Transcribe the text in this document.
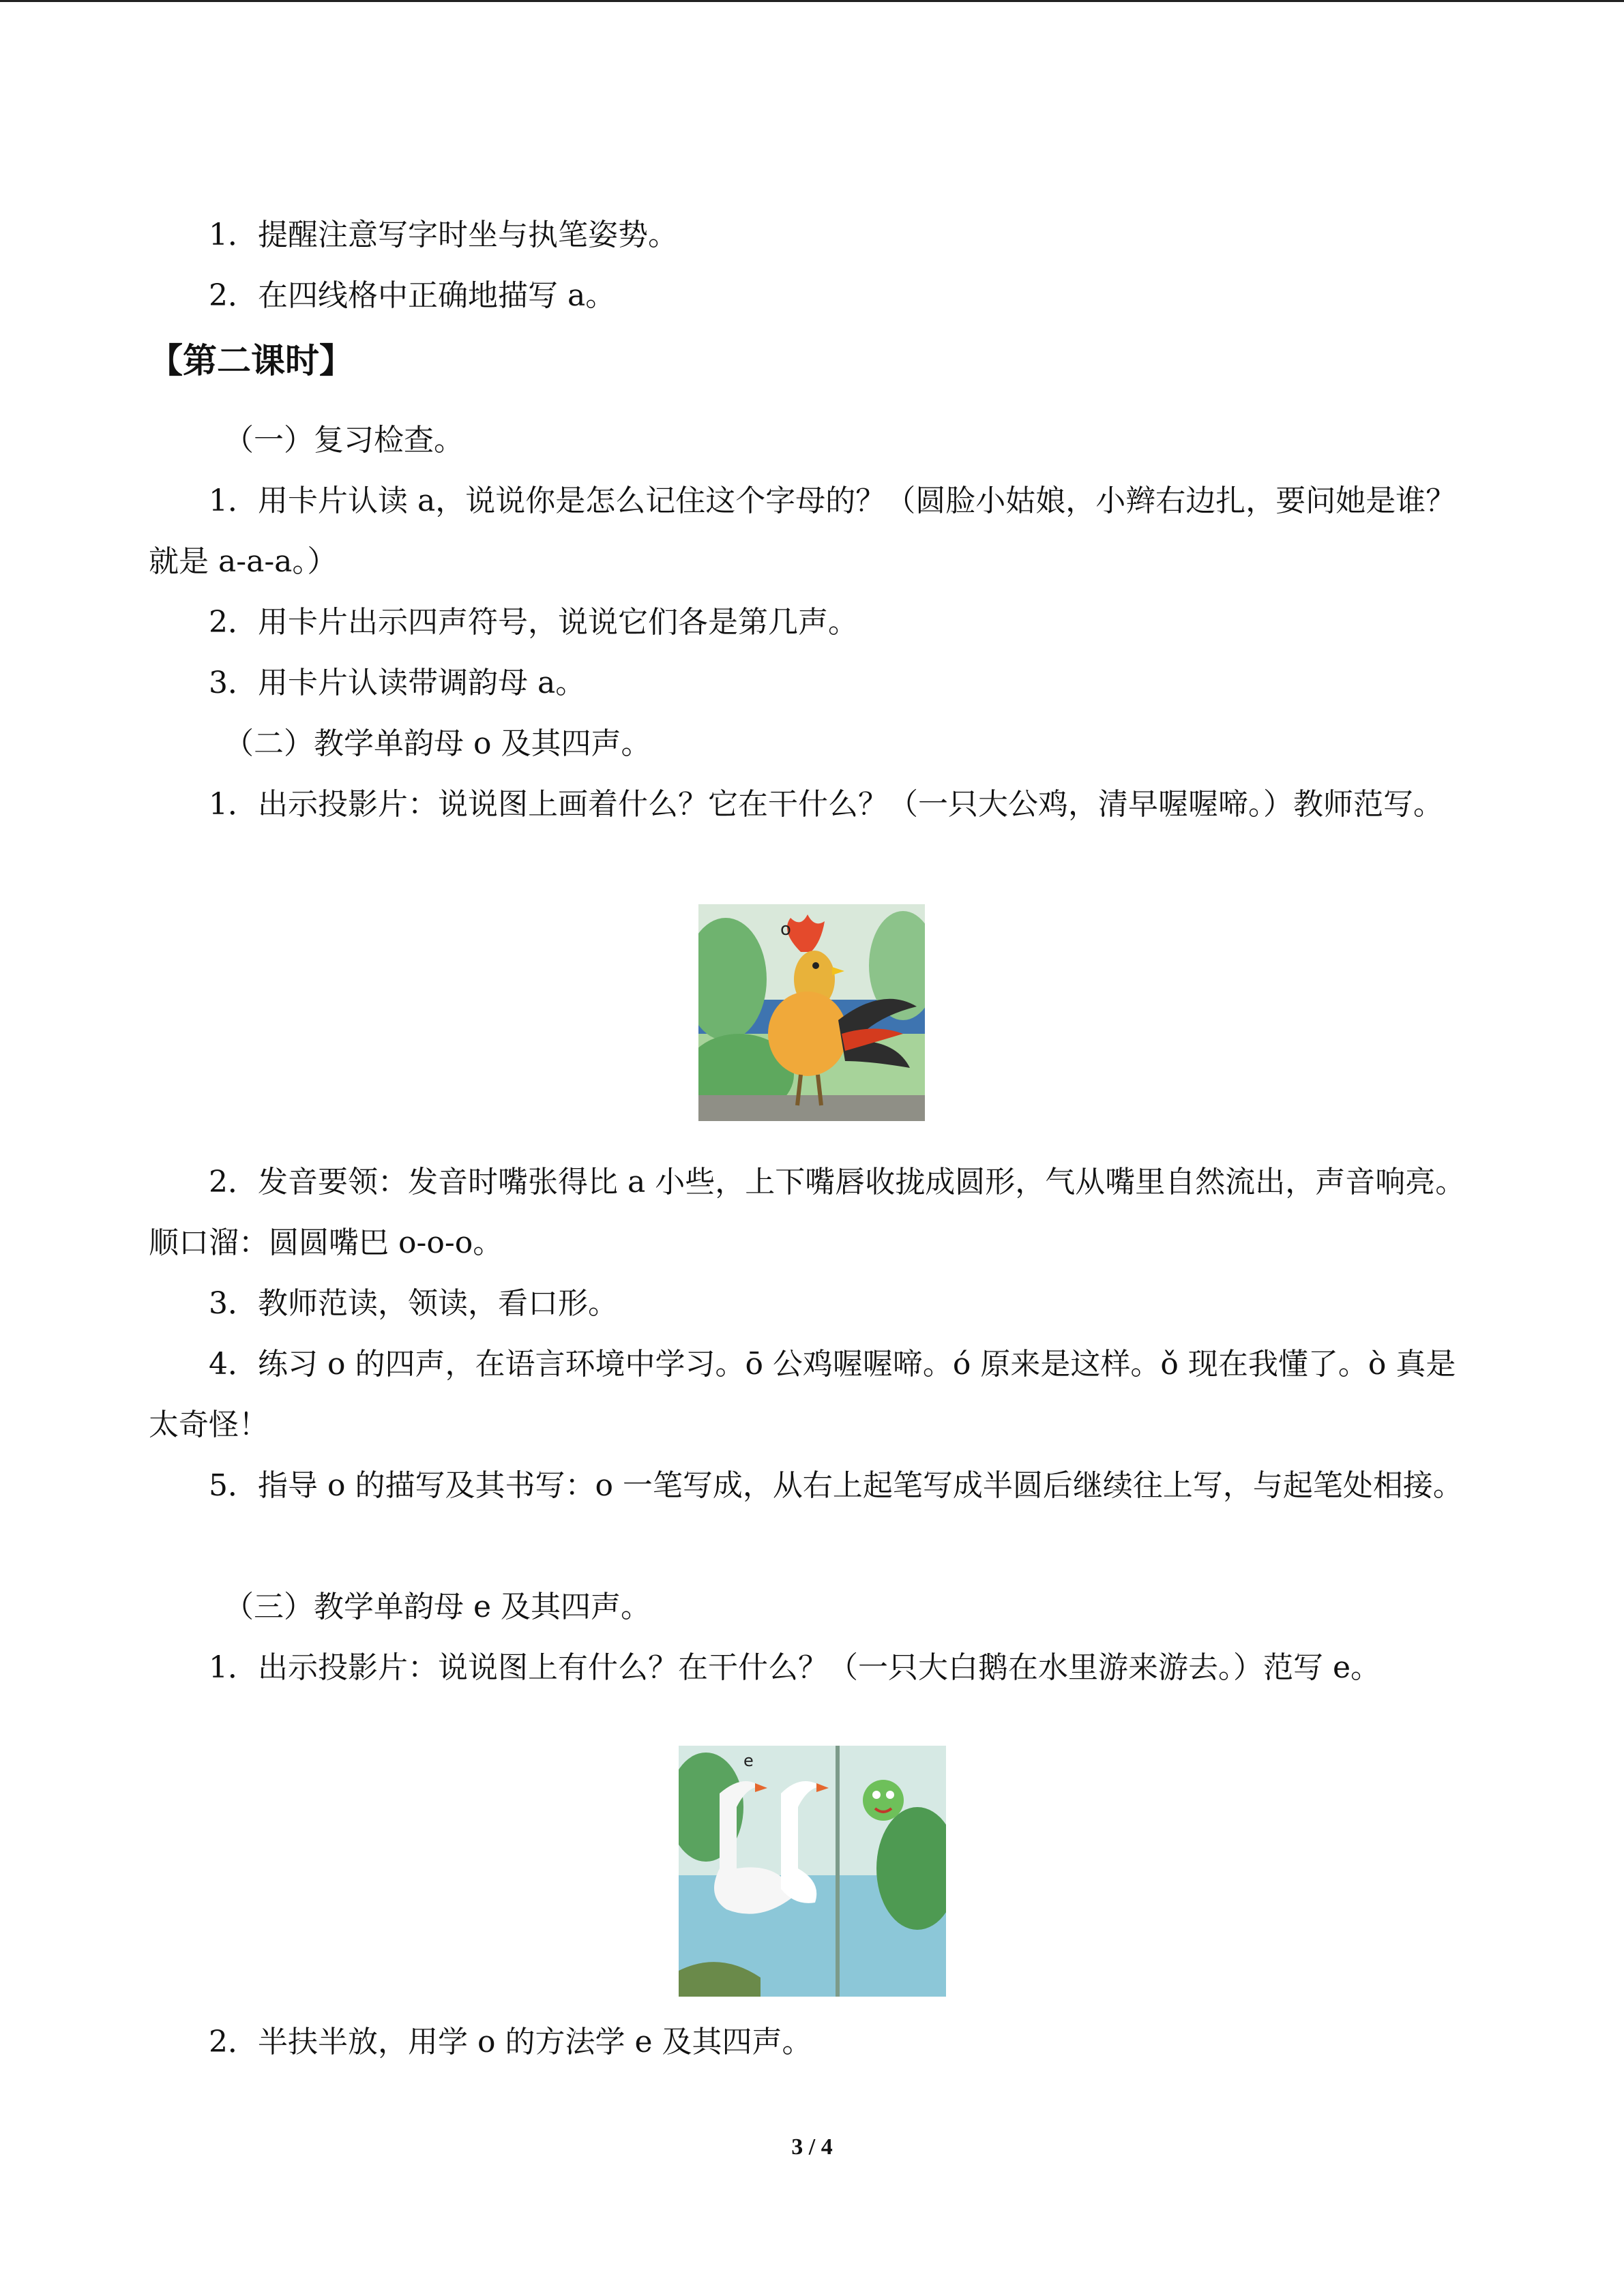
1．提醒注意写字时坐与执笔姿势。

2．在四线格中正确地描写 a。

【第二课时】

（一）复习检查。

1．用卡片认读 a，说说你是怎么记住这个字母的？（圆脸小姑娘，小辫右边扎，要问她是谁？就是 a-a-a。）

2．用卡片出示四声符号，说说它们各是第几声。

3．用卡片认读带调韵母 a。

（二）教学单韵母 o 及其四声。

1．出示投影片：说说图上画着什么？它在干什么？（一只大公鸡，清早喔喔啼。）教师范写。

o

2．发音要领：发音时嘴张得比 a 小些，上下嘴唇收拢成圆形，气从嘴里自然流出，声音响亮。顺口溜：圆圆嘴巴 o-o-o。

3．教师范读，领读，看口形。

4．练习 o 的四声，在语言环境中学习。ō 公鸡喔喔啼。ó 原来是这样。ǒ 现在我懂了。ò 真是太奇怪！

5．指导 o 的描写及其书写：o 一笔写成，从右上起笔写成半圆后继续往上写，与起笔处相接。

（三）教学单韵母 e 及其四声。

1．出示投影片：说说图上有什么？在干什么？（一只大白鹅在水里游来游去。）范写 e。

e

2．半扶半放，用学 o 的方法学 e 及其四声。

3 / 4
